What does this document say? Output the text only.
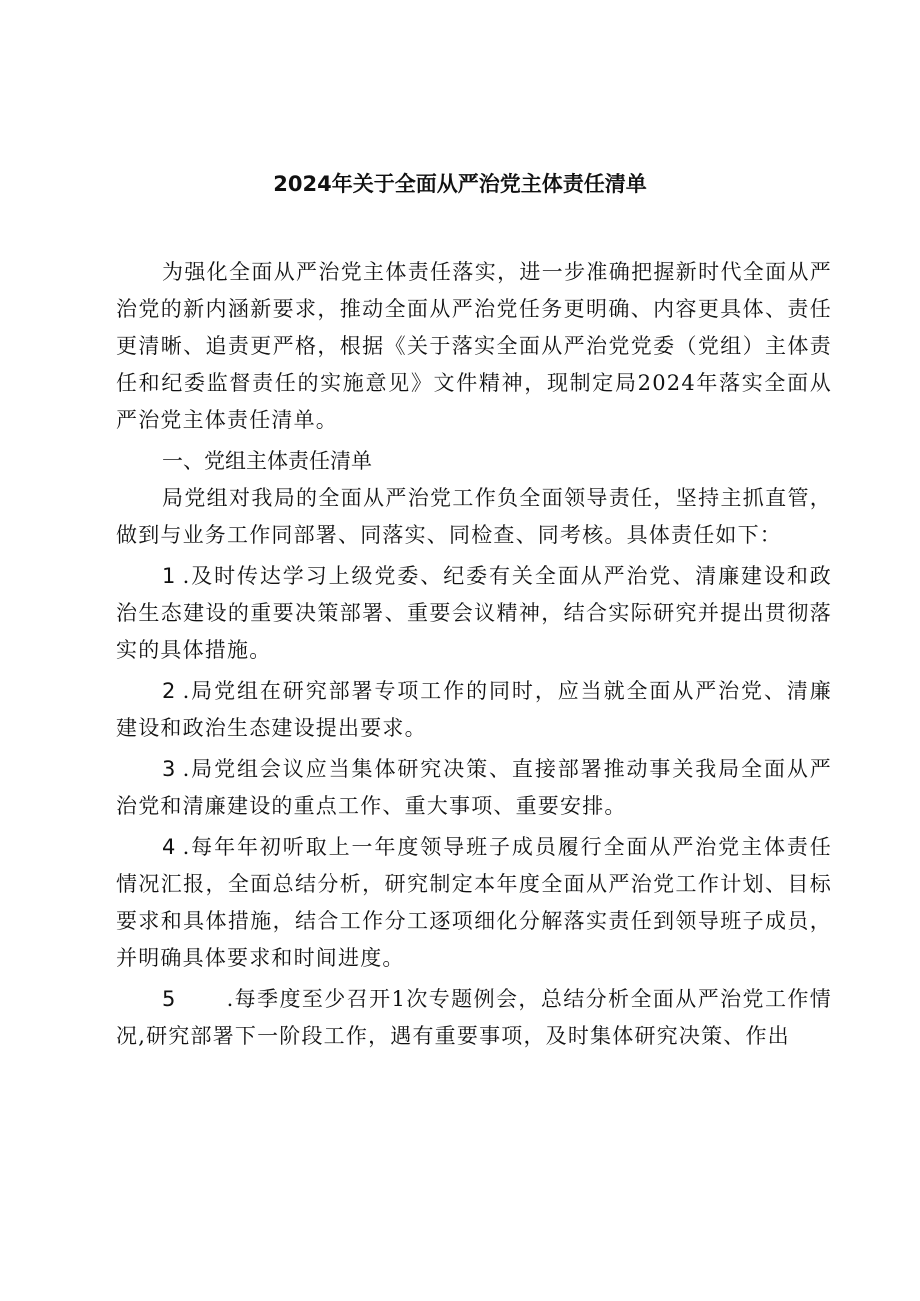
2024年关于全面从严治党主体责任清单

为强化全面从严治党主体责任落实，进一步准确把握新时代全面从严治党的新内涵新要求，推动全面从严治党任务更明确、内容更具体、责任更清晰、追责更严格，根据《关于落实全面从严治党党委（党组）主体责任和纪委监督责任的实施意见》文件精神，现制定局2024年落实全面从严治党主体责任清单。

一、党组主体责任清单

局党组对我局的全面从严治党工作负全面领导责任，坚持主抓直管，做到与业务工作同部署、同落实、同检查、同考核。具体责任如下：

1 .及时传达学习上级党委、纪委有关全面从严治党、清廉建设和政治生态建设的重要决策部署、重要会议精神，结合实际研究并提出贯彻落实的具体措施。

2 .局党组在研究部署专项工作的同时，应当就全面从严治党、清廉建设和政治生态建设提出要求。

3 .局党组会议应当集体研究决策、直接部署推动事关我局全面从严治党和清廉建设的重点工作、重大事项、重要安排。

4 .每年年初听取上一年度领导班子成员履行全面从严治党主体责任情况汇报，全面总结分析，研究制定本年度全面从严治党工作计划、目标要求和具体措施，结合工作分工逐项细化分解落实责任到领导班子成员，并明确具体要求和时间进度。

5 .每季度至少召开1次专题例会，总结分析全面从严治党工作情况,研究部署下一阶段工作，遇有重要事项，及时集体研究决策、作出
